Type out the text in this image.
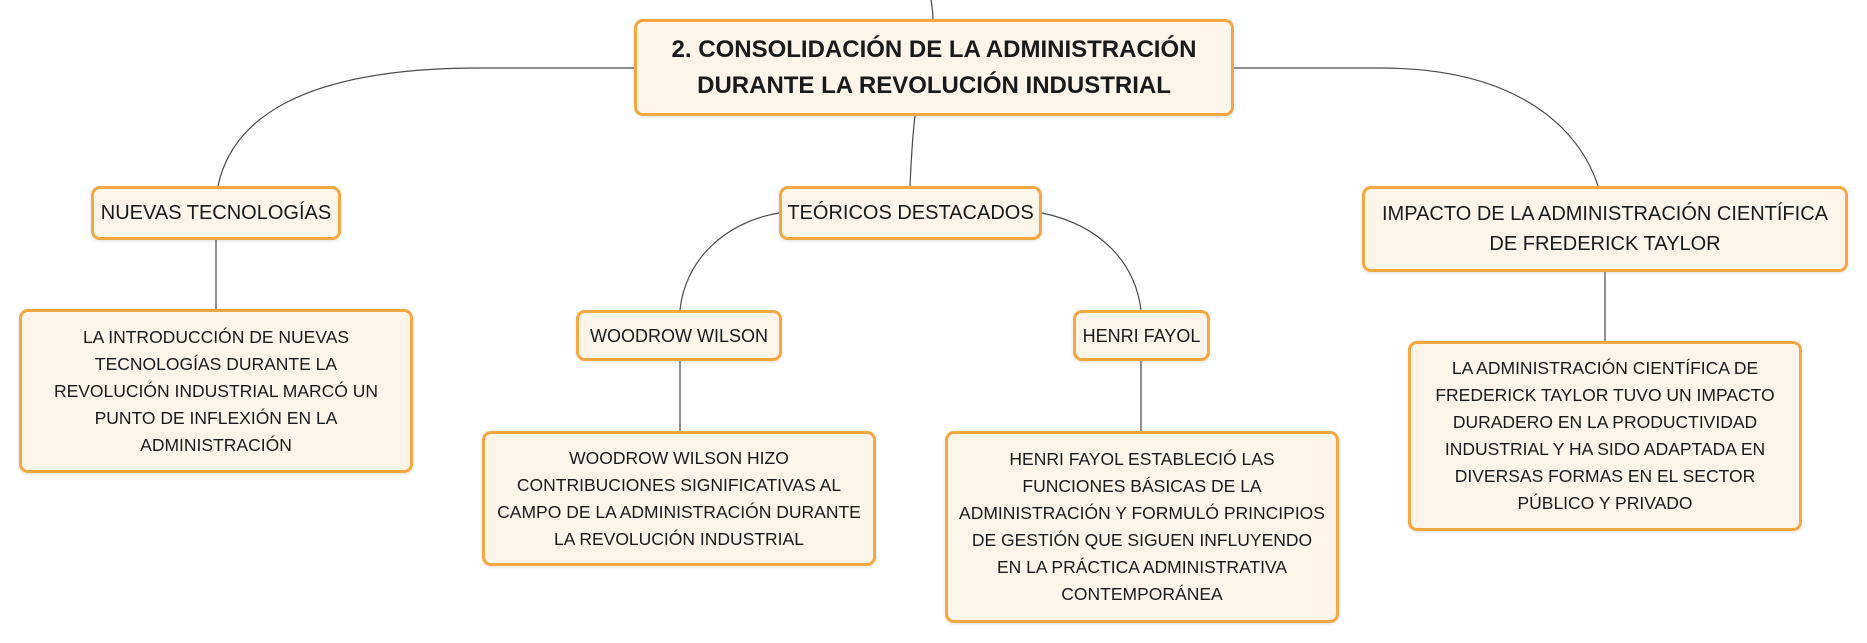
2. CONSOLIDACIÓN DE LA ADMINISTRACIÓN
DURANTE LA REVOLUCIÓN INDUSTRIAL
NUEVAS TECNOLOGÍAS
LA INTRODUCCIÓN DE NUEVAS TECNOLOGÍAS DURANTE LA REVOLUCIÓN INDUSTRIAL MARCÓ UN PUNTO DE INFLEXIÓN EN LA ADMINISTRACIÓN
TEÓRICOS DESTACADOS
WOODROW WILSON
WOODROW WILSON HIZO CONTRIBUCIONES SIGNIFICATIVAS AL CAMPO DE LA ADMINISTRACIÓN DURANTE LA REVOLUCIÓN INDUSTRIAL
HENRI FAYOL
HENRI FAYOL ESTABLECIÓ LAS FUNCIONES BÁSICAS DE LA ADMINISTRACIÓN Y FORMULÓ PRINCIPIOS DE GESTIÓN QUE SIGUEN INFLUYENDO EN LA PRÁCTICA ADMINISTRATIVA CONTEMPORÁNEA
IMPACTO DE LA ADMINISTRACIÓN CIENTÍFICA DE FREDERICK TAYLOR
LA ADMINISTRACIÓN CIENTÍFICA DE FREDERICK TAYLOR TUVO UN IMPACTO DURADERO EN LA PRODUCTIVIDAD INDUSTRIAL Y HA SIDO ADAPTADA EN DIVERSAS FORMAS EN EL SECTOR PÚBLICO Y PRIVADO
